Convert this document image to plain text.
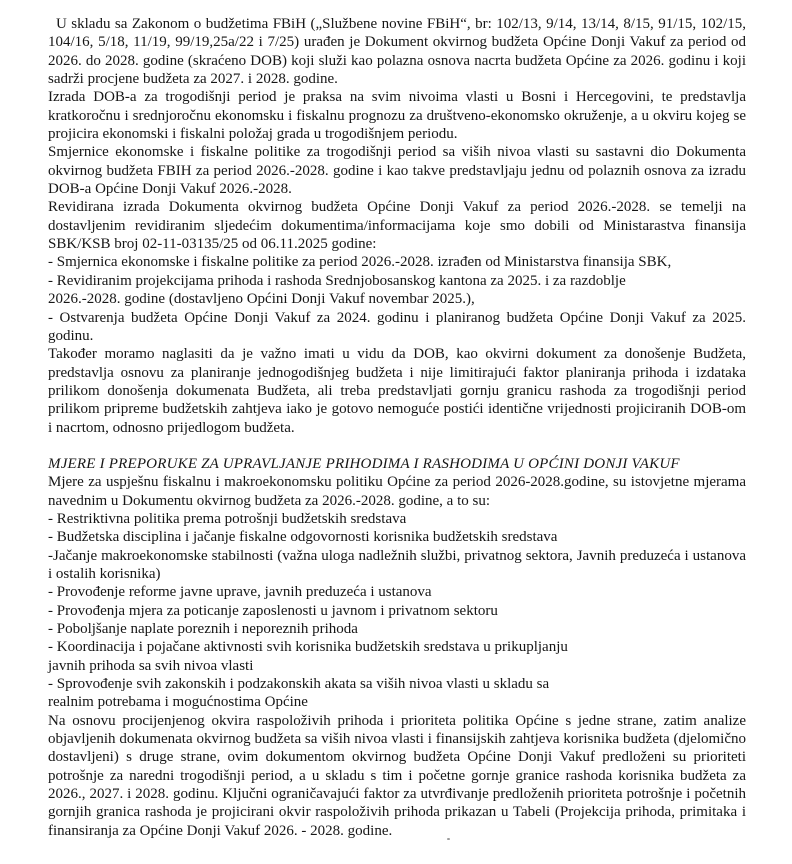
U skladu sa Zakonom o budžetima FBiH („Službene novine FBiH“, br: 102/13, 9/14, 13/14, 8/15, 91/15, 102/15, 104/16, 5/18, 11/19, 99/19,25a/22 i 7/25) urađen je Dokument okvirnog budžeta Općine Donji Vakuf za period od 2026. do 2028. godine (skraćeno DOB) koji služi kao polazna osnova nacrta budžeta Općine za 2026. godinu i koji sadrži procjene budžeta za 2027. i 2028. godine.

Izrada DOB-a za trogodišnji period je praksa na svim nivoima vlasti u Bosni i Hercegovini, te predstavlja kratkoročnu i srednjoročnu ekonomsku i fiskalnu prognozu za društveno-ekonomsko okruženje, a u okviru kojeg se projicira ekonomski i fiskalni položaj grada u trogodišnjem periodu.

Smjernice ekonomske i fiskalne politike za trogodišnji period sa viših nivoa vlasti su sastavni dio Dokumenta okvirnog budžeta FBIH za period 2026.-2028. godine i kao takve predstavljaju jednu od polaznih osnova za izradu DOB-a Općine Donji Vakuf 2026.-2028.

Revidirana izrada Dokumenta okvirnog budžeta Općine Donji Vakuf za period 2026.-2028. se temelji na dostavljenim revidiranim sljedećim dokumentima/informacijama koje smo dobili od Ministarastva finansija SBK/KSB broj 02-11-03135/25 od 06.11.2025 godine:

- Smjernica ekonomske i fiskalne politike za period 2026.-2028. izrađen od Ministarstva finansija SBK,

- Revidiranim projekcijama prihoda i rashoda Srednjobosanskog kantona za 2025. i za razdoblje

2026.-2028. godine (dostavljeno Općini Donji Vakuf novembar 2025.),

- Ostvarenja budžeta Općine Donji Vakuf za 2024. godinu i planiranog budžeta Općine Donji Vakuf za 2025. godinu.

Također moramo naglasiti da je važno imati u vidu da DOB, kao okvirni dokument za donošenje Budžeta, predstavlja osnovu za planiranje jednogodišnjeg budžeta i nije limitirajući faktor planiranja prihoda i izdataka prilikom donošenja dokumenata Budžeta, ali treba predstavljati gornju granicu rashoda za trogodišnji period prilikom pripreme budžetskih zahtjeva iako je gotovo nemoguće postići identične vrijednosti projiciranih DOB-om i nacrtom, odnosno prijedlogom budžeta.

MJERE I PREPORUKE ZA UPRAVLJANJE PRIHODIMA I RASHODIMA U OPĆINI DONJI VAKUF

Mjere za uspješnu fiskalnu i makroekonomsku politiku Općine za period 2026-2028.godine, su istovjetne mjerama navednim u Dokumentu okvirnog budžeta za 2026.-2028. godine, a to su:

- Restriktivna politika prema potrošnji budžetskih sredstava

- Budžetska disciplina i jačanje fiskalne odgovornosti korisnika budžetskih sredstava

-Jačanje makroekonomske stabilnosti (važna uloga nadležnih službi, privatnog sektora, Javnih preduzeća i ustanova i ostalih korisnika)

- Provođenje reforme javne uprave, javnih preduzeća i ustanova

- Provođenja mjera za poticanje zaposlenosti u javnom i privatnom sektoru

- Poboljšanje naplate poreznih i neporeznih prihoda

- Koordinacija i pojačane aktivnosti svih korisnika budžetskih sredstava u prikupljanju

javnih prihoda sa svih nivoa vlasti

- Sprovođenje svih zakonskih i podzakonskih akata sa viših nivoa vlasti u skladu sa

realnim potrebama i mogućnostima Općine

Na osnovu procijenjenog okvira raspoloživih prihoda i prioriteta politika Općine s jedne strane, zatim analize objavljenih dokumenata okvirnog budžeta sa viših nivoa vlasti i finansijskih zahtjeva korisnika budžeta (djelomično dostavljeni) s druge strane, ovim dokumentom okvirnog budžeta Općine Donji Vakuf predloženi su prioriteti potrošnje za naredni trogodišnji period, a u skladu s tim i početne gornje granice rashoda korisnika budžeta za 2026., 2027. i 2028. godinu. Ključni ograničavajući faktor za utvrđivanje predloženih prioriteta potrošnje i početnih gornjih granica rashoda je projicirani okvir raspoloživih prihoda prikazan u Tabeli (Projekcija prihoda, primitaka i finansiranja za Općine Donji Vakuf 2026. - 2028. godine.
